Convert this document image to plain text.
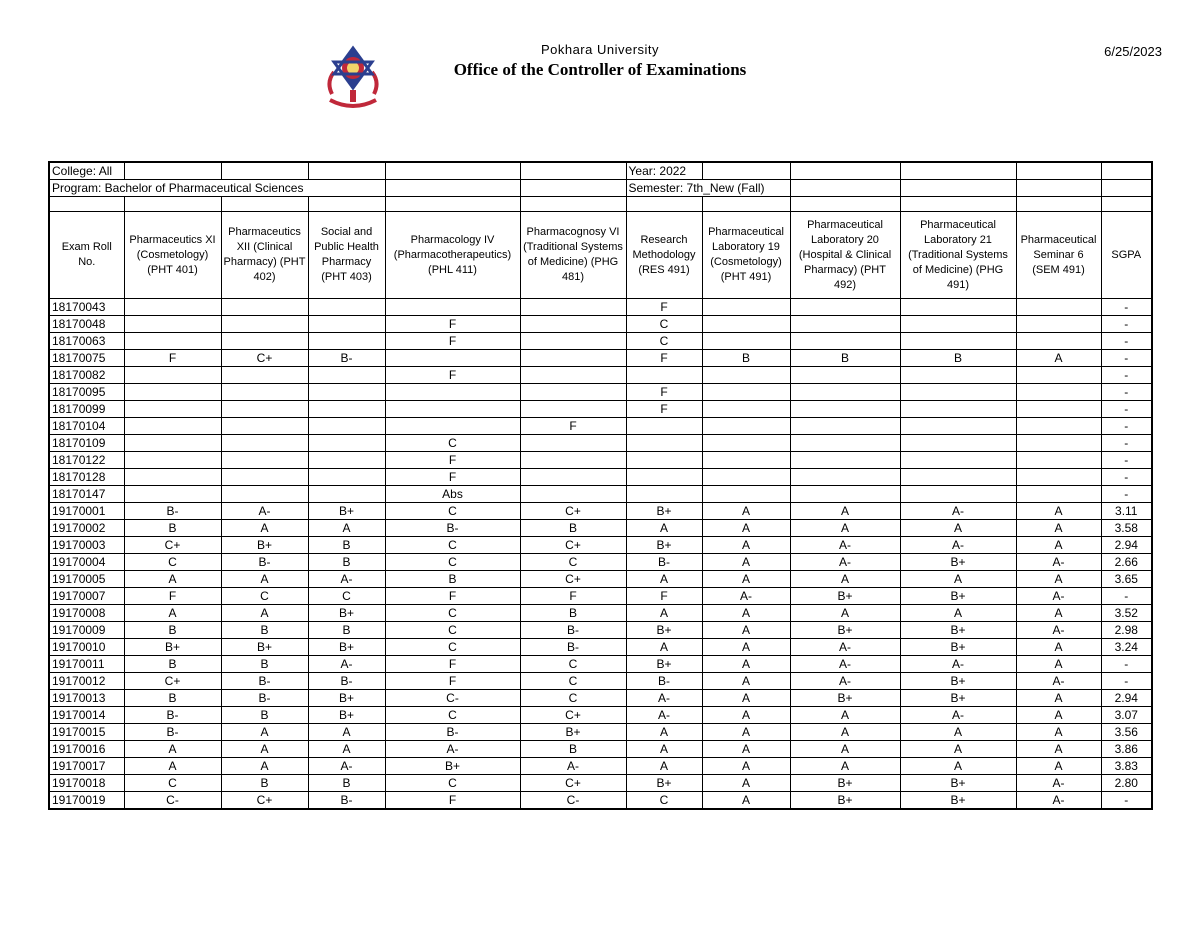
Pokhara University
Office of the Controller of Examinations
6/25/2023
College: All						Year: 2022					
Program: Bachelor of Pharmaceutical Sciences						Semester: 7th_New (Fall)					

Exam Roll No.	Pharmaceutics XI (Cosmetology) (PHT 401)	Pharmaceutics XII (Clinical Pharmacy) (PHT 402)	Social and Public Health Pharmacy (PHT 403)	Pharmacology IV (Pharmacotherapeutics) (PHL 411)	Pharmacognosy VI (Traditional Systems of Medicine) (PHG 481)	Research Methodology (RES 491)	Pharmaceutical Laboratory 19 (Cosmetology) (PHT 491)	Pharmaceutical Laboratory 20 (Hospital & Clinical Pharmacy) (PHT 492)	Pharmaceutical Laboratory 21 (Traditional Systems of Medicine) (PHG 491)	Pharmaceutical Seminar 6 (SEM 491)	SGPA
18170043						F					-
18170048				F		C					-
18170063				F		C					-
18170075	F	C+	B-			F	B	B	B	A	-
18170082				F							-
18170095						F					-
18170099						F					-
18170104					F						-
18170109				C							-
18170122				F							-
18170128				F							-
18170147				Abs							-
19170001	B-	A-	B+	C	C+	B+	A	A	A-	A	3.11
19170002	B	A	A	B-	B	A	A	A	A	A	3.58
19170003	C+	B+	B	C	C+	B+	A	A-	A-	A	2.94
19170004	C	B-	B	C	C	B-	A	A-	B+	A-	2.66
19170005	A	A	A-	B	C+	A	A	A	A	A	3.65
19170007	F	C	C	F	F	F	A-	B+	B+	A-	-
19170008	A	A	B+	C	B	A	A	A	A	A	3.52
19170009	B	B	B	C	B-	B+	A	B+	B+	A-	2.98
19170010	B+	B+	B+	C	B-	A	A	A-	B+	A	3.24
19170011	B	B	A-	F	C	B+	A	A-	A-	A	-
19170012	C+	B-	B-	F	C	B-	A	A-	B+	A-	-
19170013	B	B-	B+	C-	C	A-	A	B+	B+	A	2.94
19170014	B-	B	B+	C	C+	A-	A	A	A-	A	3.07
19170015	B-	A	A	B-	B+	A	A	A	A	A	3.56
19170016	A	A	A	A-	B	A	A	A	A	A	3.86
19170017	A	A	A-	B+	A-	A	A	A	A	A	3.83
19170018	C	B	B	C	C+	B+	A	B+	B+	A-	2.80
19170019	C-	C+	B-	F	C-	C	A	B+	B+	A-	-
